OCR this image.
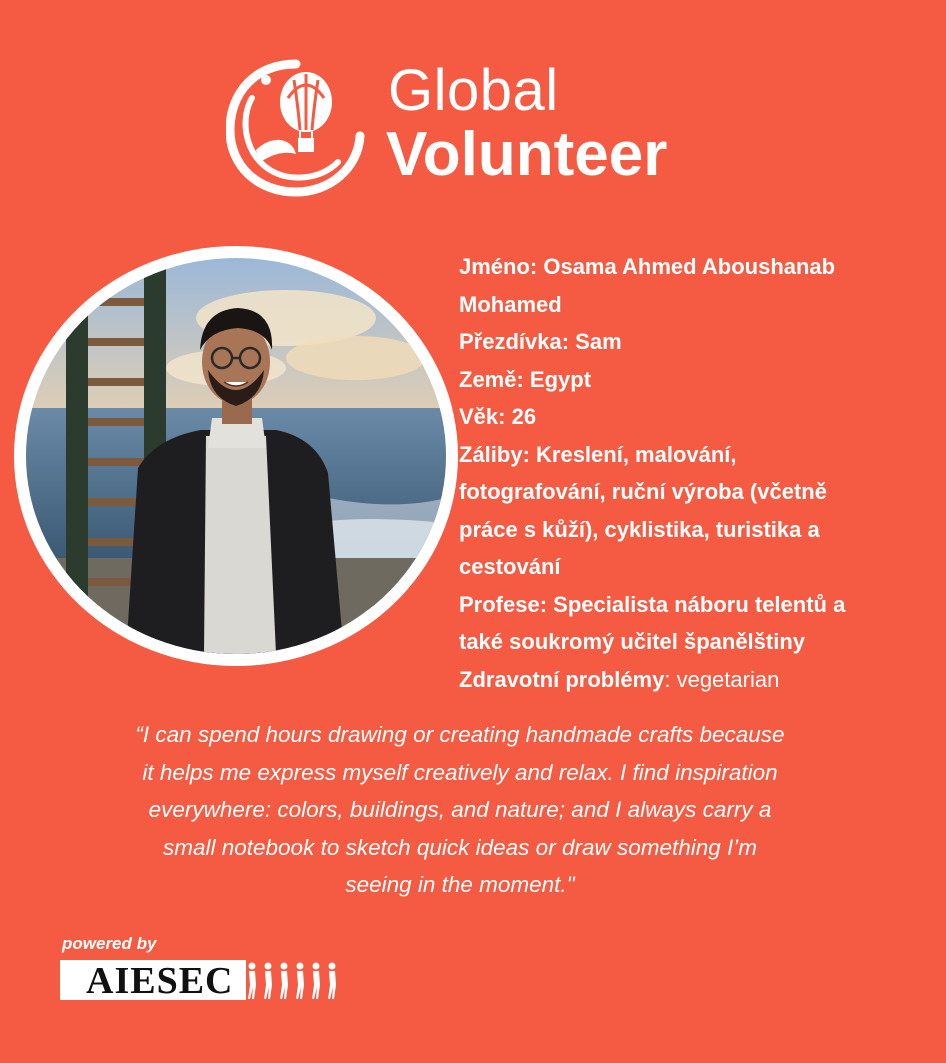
Global
Volunteer
Jméno: Osama Ahmed Aboushanab
Mohamed
Přezdívka: Sam
Země: Egypt
Věk: 26
Záliby: Kreslení, malování,
fotografování, ruční výroba (včetně
práce s kůží), cyklistika, turistika a
cestování
Profese: Specialista náboru telentů a
také soukromý učitel španělštiny
Zdravotní problémy: vegetarian
“I can spend hours drawing or creating handmade crafts because
it helps me express myself creatively and relax. I find inspiration
everywhere: colors, buildings, and nature; and I always carry a
small notebook to sketch quick ideas or draw something I’m
seeing in the moment."
powered by
AIESEC
